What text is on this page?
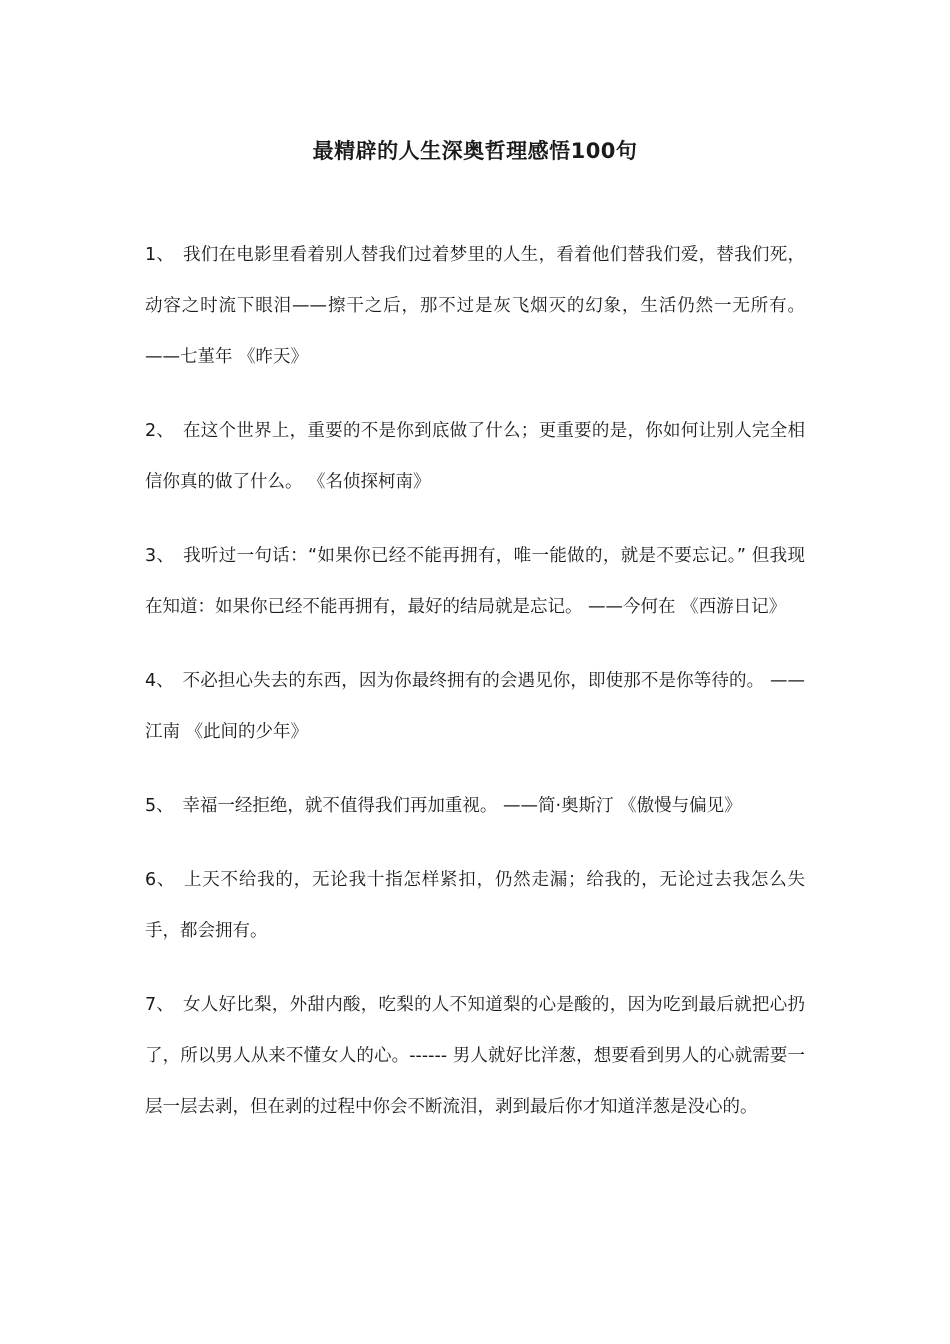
最精辟的人生深奥哲理感悟100句

1、 我们在电影里看着别人替我们过着梦里的人生，看着他们替我们爱，替我们死，动容之时流下眼泪——擦干之后，那不过是灰飞烟灭的幻象，生活仍然一无所有。 ——七堇年 《昨天》

2、 在这个世界上，重要的不是你到底做了什么；更重要的是，你如何让别人完全相信你真的做了什么。 《名侦探柯南》

3、 我听过一句话：“如果你已经不能再拥有，唯一能做的，就是不要忘记。” 但我现在知道：如果你已经不能再拥有，最好的结局就是忘记。 ——今何在 《西游日记》

4、 不必担心失去的东西，因为你最终拥有的会遇见你，即使那不是你等待的。 ——江南 《此间的少年》

5、 幸福一经拒绝，就不值得我们再加重视。 ——简·奥斯汀 《傲慢与偏见》

6、 上天不给我的，无论我十指怎样紧扣，仍然走漏；给我的，无论过去我怎么失手，都会拥有。

7、 女人好比梨，外甜内酸，吃梨的人不知道梨的心是酸的，因为吃到最后就把心扔了，所以男人从来不懂女人的心。------ 男人就好比洋葱，想要看到男人的心就需要一层一层去剥，但在剥的过程中你会不断流泪，剥到最后你才知道洋葱是没心的。
